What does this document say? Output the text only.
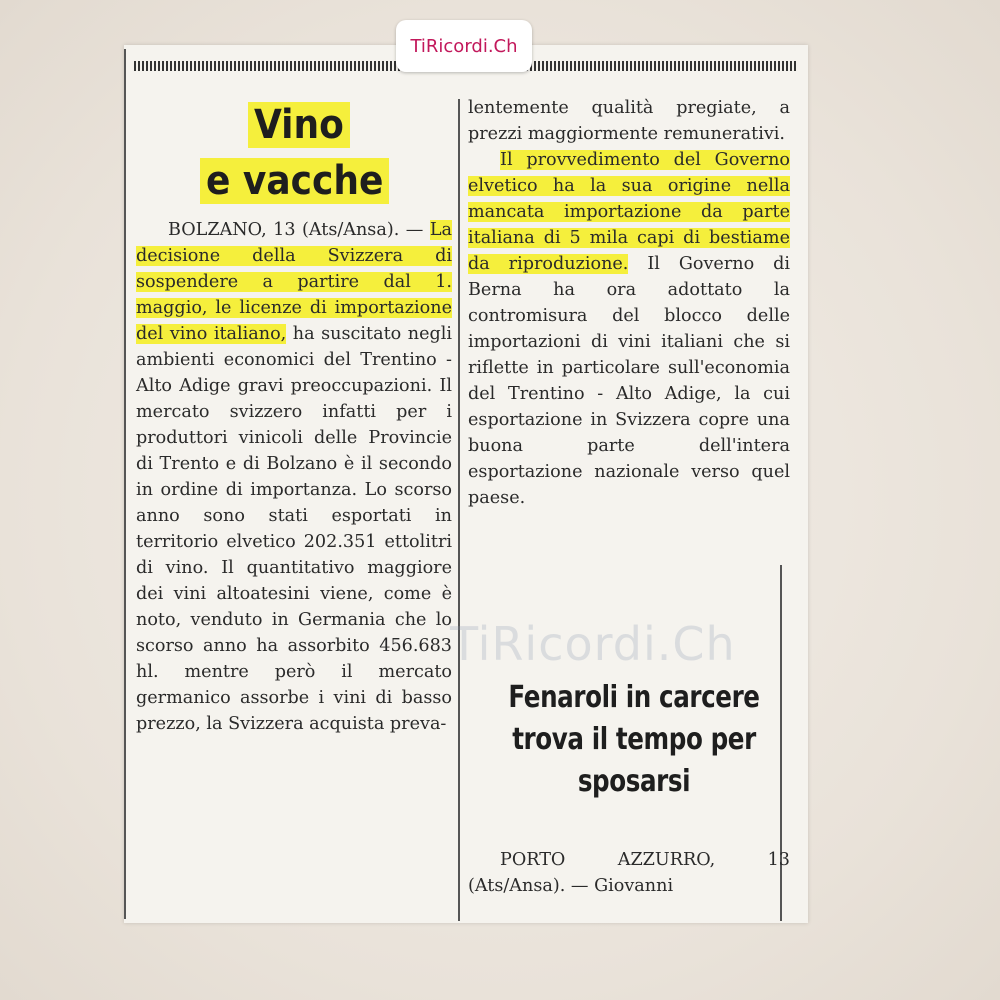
TiRicordi.Ch
Vino
e vacche

BOLZANO, 13 (Ats/Ansa). — La decisione della Svizzera di sospendere a partire dal 1. maggio, le licenze di importazione del vino italiano, ha suscitato negli ambienti economici del Trentino - Alto Adige gravi preoccupazioni. Il mercato svizzero infatti per i produttori vinicoli delle Provincie di Trento e di Bolzano è il secondo in ordine di importanza. Lo scorso anno sono stati esportati in territorio elvetico 202.351 ettolitri di vino. Il quantitativo maggiore dei vini altoatesini viene, come è noto, venduto in Germania che lo scorso anno ha assorbito 456.683 hl. mentre però il mercato germanico assorbe i vini di basso prezzo, la Svizzera acquista preva-

lentemente qualità pregiate, a prezzi maggiormente remunerativi.

Il provvedimento del Governo elvetico ha la sua origine nella mancata importazione da parte italiana di 5 mila capi di bestiame da riproduzione. Il Governo di Berna ha ora adottato la contromisura del blocco delle importazioni di vini italiani che si riflette in particolare sull'economia del Trentino - Alto Adige, la cui esportazione in Svizzera copre una buona parte dell'intera esportazione nazionale verso quel paese.

TiRicordi.Ch
Fenaroli in carcere trova il tempo per sposarsi

PORTO AZZURRO, 13 (Ats/Ansa). — Giovanni
